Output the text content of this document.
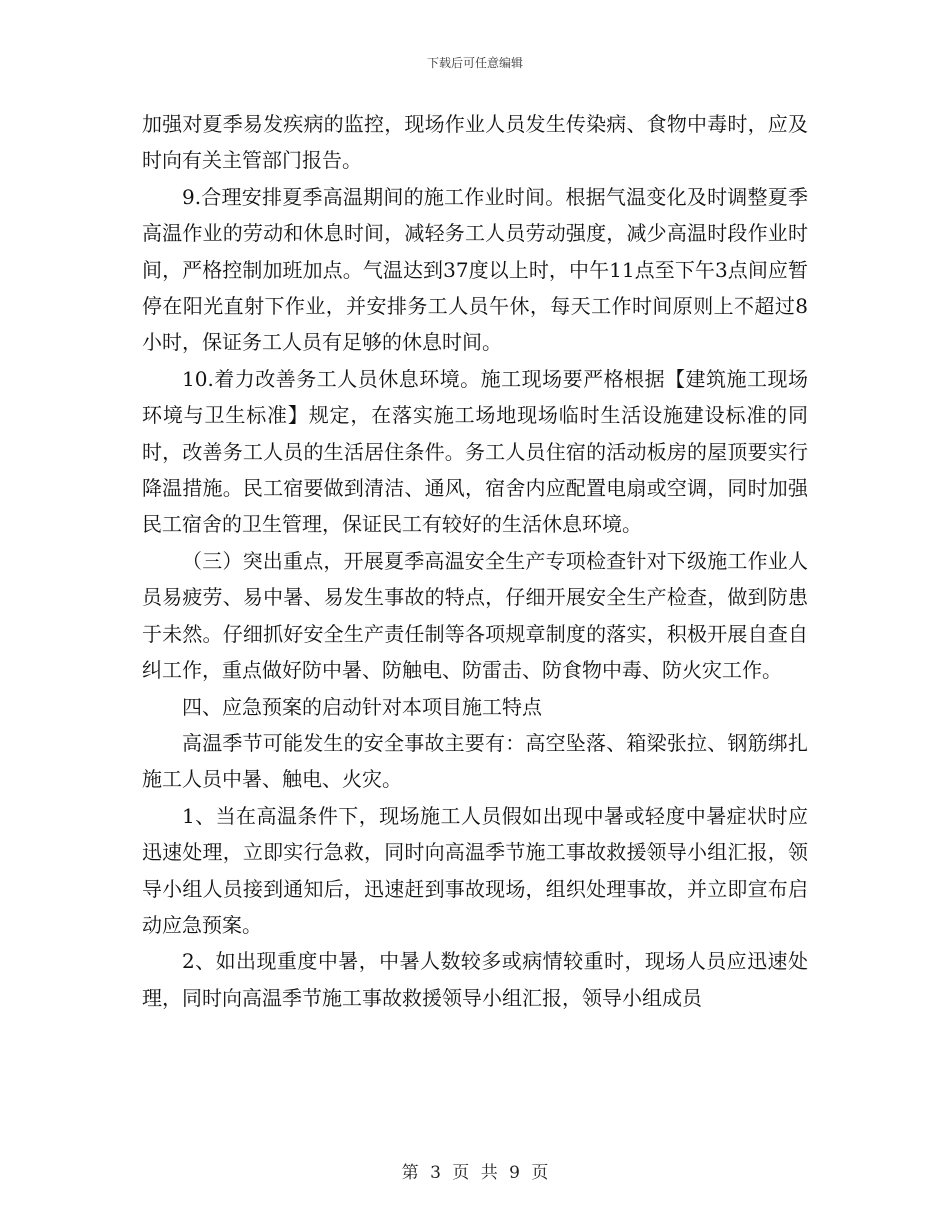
下载后可任意编辑

加强对夏季易发疾病的监控，现场作业人员发生传染病、食物中毒时，应及时向有关主管部门报告。

9.合理安排夏季高温期间的施工作业时间。根据气温变化及时调整夏季高温作业的劳动和休息时间，减轻务工人员劳动强度，减少高温时段作业时间，严格控制加班加点。气温达到37度以上时，中午11点至下午3点间应暂停在阳光直射下作业，并安排务工人员午休，每天工作时间原则上不超过8小时，保证务工人员有足够的休息时间。

10.着力改善务工人员休息环境。施工现场要严格根据【建筑施工现场环境与卫生标准】规定，在落实施工场地现场临时生活设施建设标准的同时，改善务工人员的生活居住条件。务工人员住宿的活动板房的屋顶要实行降温措施。民工宿要做到清洁、通风，宿舍内应配置电扇或空调，同时加强民工宿舍的卫生管理，保证民工有较好的生活休息环境。

（三）突出重点，开展夏季高温安全生产专项检查针对下级施工作业人员易疲劳、易中暑、易发生事故的特点，仔细开展安全生产检查，做到防患于未然。仔细抓好安全生产责任制等各项规章制度的落实，积极开展自查自纠工作，重点做好防中暑、防触电、防雷击、防食物中毒、防火灾工作。

四、应急预案的启动针对本项目施工特点

高温季节可能发生的安全事故主要有：高空坠落、箱梁张拉、钢筋绑扎施工人员中暑、触电、火灾。

1、当在高温条件下，现场施工人员假如出现中暑或轻度中暑症状时应迅速处理，立即实行急救，同时向高温季节施工事故救援领导小组汇报，领导小组人员接到通知后，迅速赶到事故现场，组织处理事故，并立即宣布启动应急预案。

2、如出现重度中暑，中暑人数较多或病情较重时，现场人员应迅速处理，同时向高温季节施工事故救援领导小组汇报，领导小组成员

第 3 页 共 9 页
